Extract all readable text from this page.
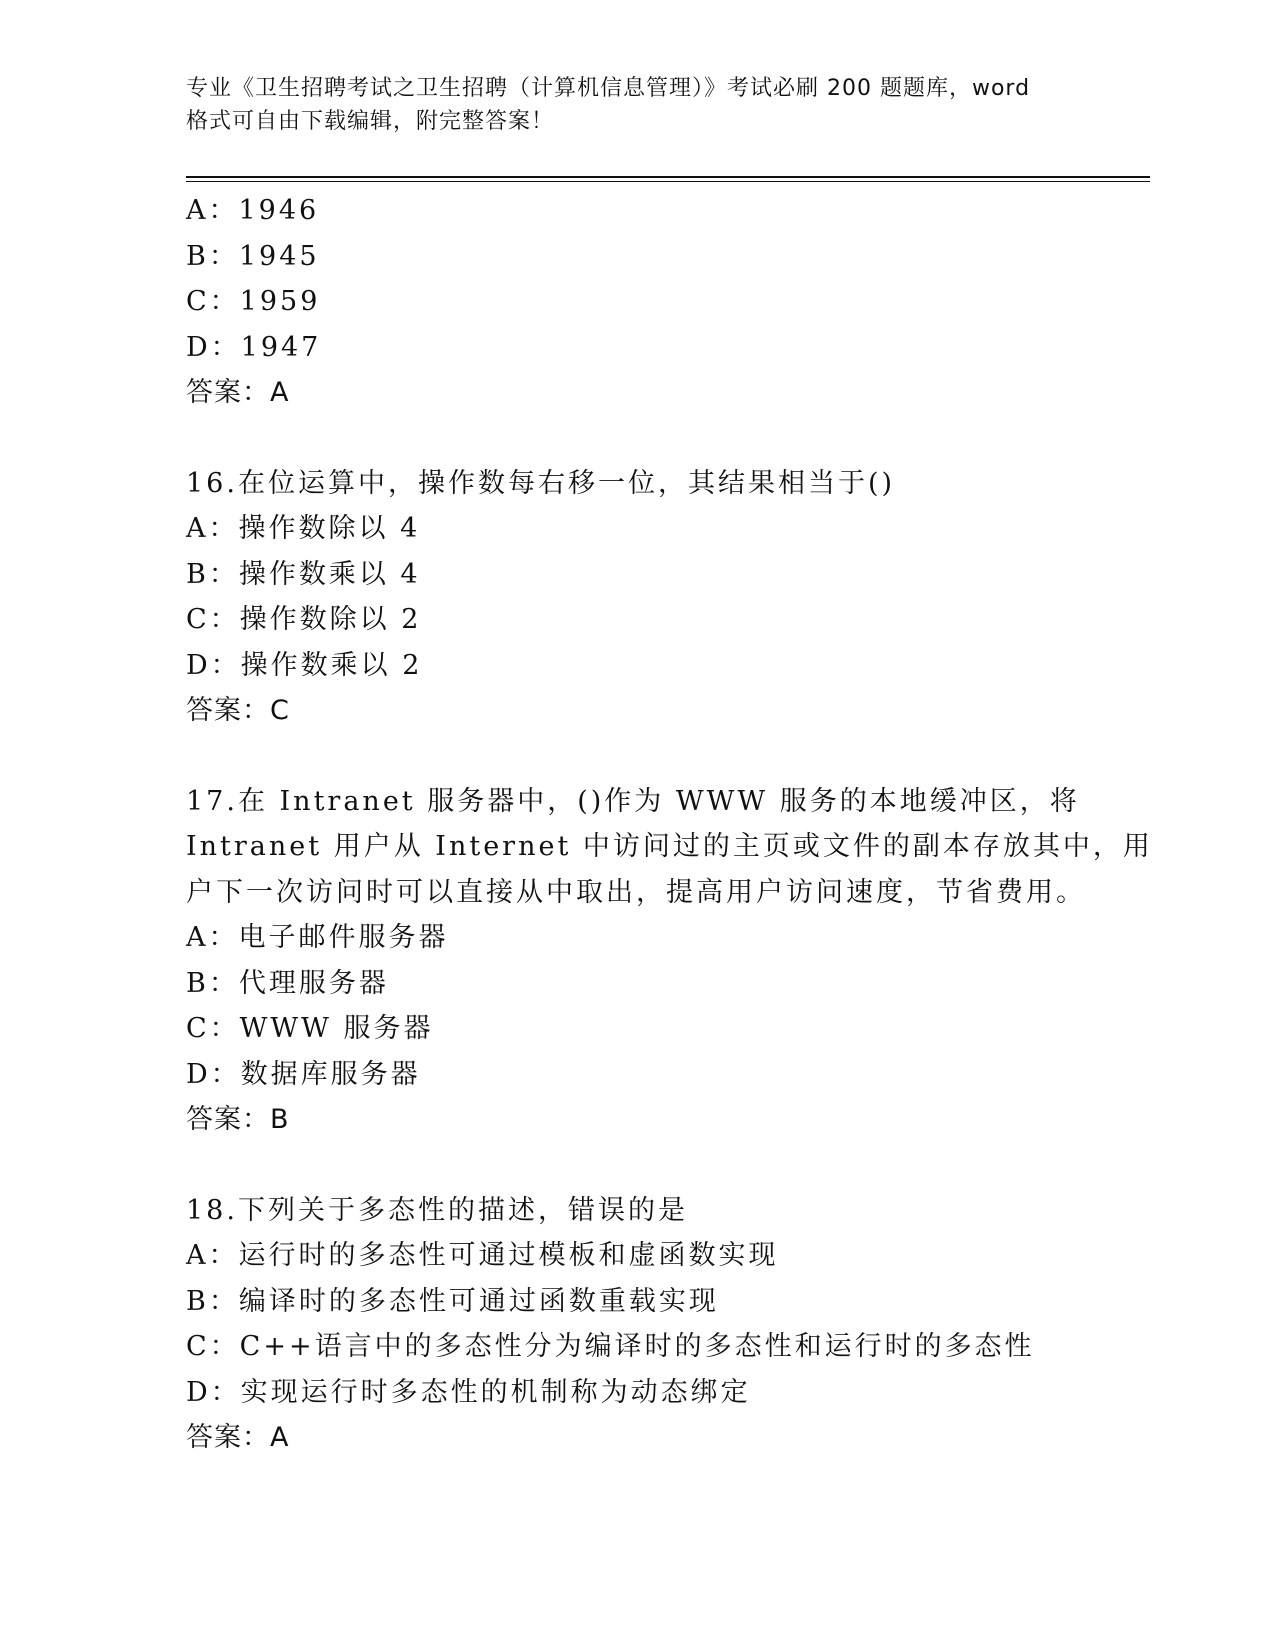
专业《卫生招聘考试之卫生招聘（计算机信息管理）》考试必刷 200 题题库，word
格式可自由下载编辑，附完整答案！
A：1946
B：1945
C：1959
D：1947
答案：A
16.在位运算中，操作数每右移一位，其结果相当于()
A：操作数除以 4
B：操作数乘以 4
C：操作数除以 2
D：操作数乘以 2
答案：C
17.在 Intranet 服务器中，()作为 WWW 服务的本地缓冲区，将
Intranet 用户从 Internet 中访问过的主页或文件的副本存放其中，用
户下一次访问时可以直接从中取出，提高用户访问速度，节省费用。
A：电子邮件服务器
B：代理服务器
C：WWW 服务器
D：数据库服务器
答案：B
18.下列关于多态性的描述，错误的是
A：运行时的多态性可通过模板和虚函数实现
B：编译时的多态性可通过函数重载实现
C：C++语言中的多态性分为编译时的多态性和运行时的多态性
D：实现运行时多态性的机制称为动态绑定
答案：A
